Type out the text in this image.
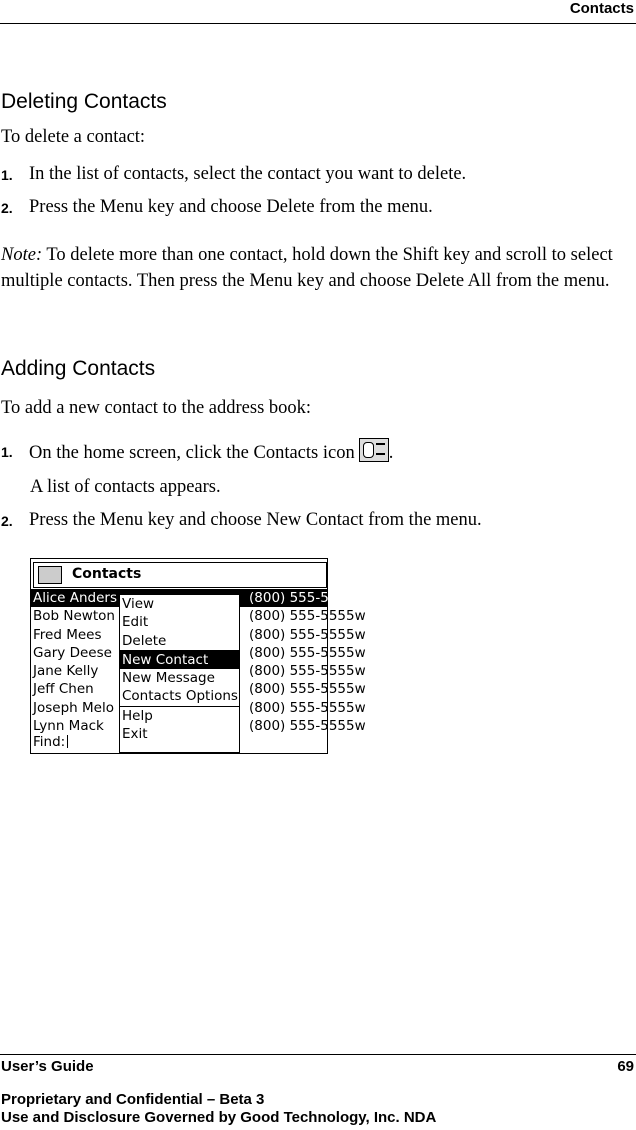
Contacts
Deleting Contacts

To delete a contact:

1. In the list of contacts, select the contact you want to delete.
2. Press the Menu key and choose Delete from the menu.

Note: To delete more than one contact, hold down the Shift key and scroll to select multiple contacts. Then press the Menu key and choose Delete All from the menu.

Adding Contacts

To add a new contact to the address book:

1. On the home screen, click the Contacts icon .

A list of contacts appears.

2. Press the Menu key and choose New Contact from the menu.
Contacts
Alice Anders	(800) 555-5555w
Bob Newton	(800) 555-5555w
Fred Mees	(800) 555-5555w
Gary Deese	(800) 555-5555w
Jane Kelly	(800) 555-5555w
Jeff Chen	(800) 555-5555w
Joseph Melo	(800) 555-5555w
Lynn Mack	(800) 555-5555w
Find:
View
Edit
Delete
New Contact
New Message
Contacts Options
Help
Exit
User’s Guide	69
Proprietary and Confidential – Beta 3
Use and Disclosure Governed by Good Technology, Inc. NDA
